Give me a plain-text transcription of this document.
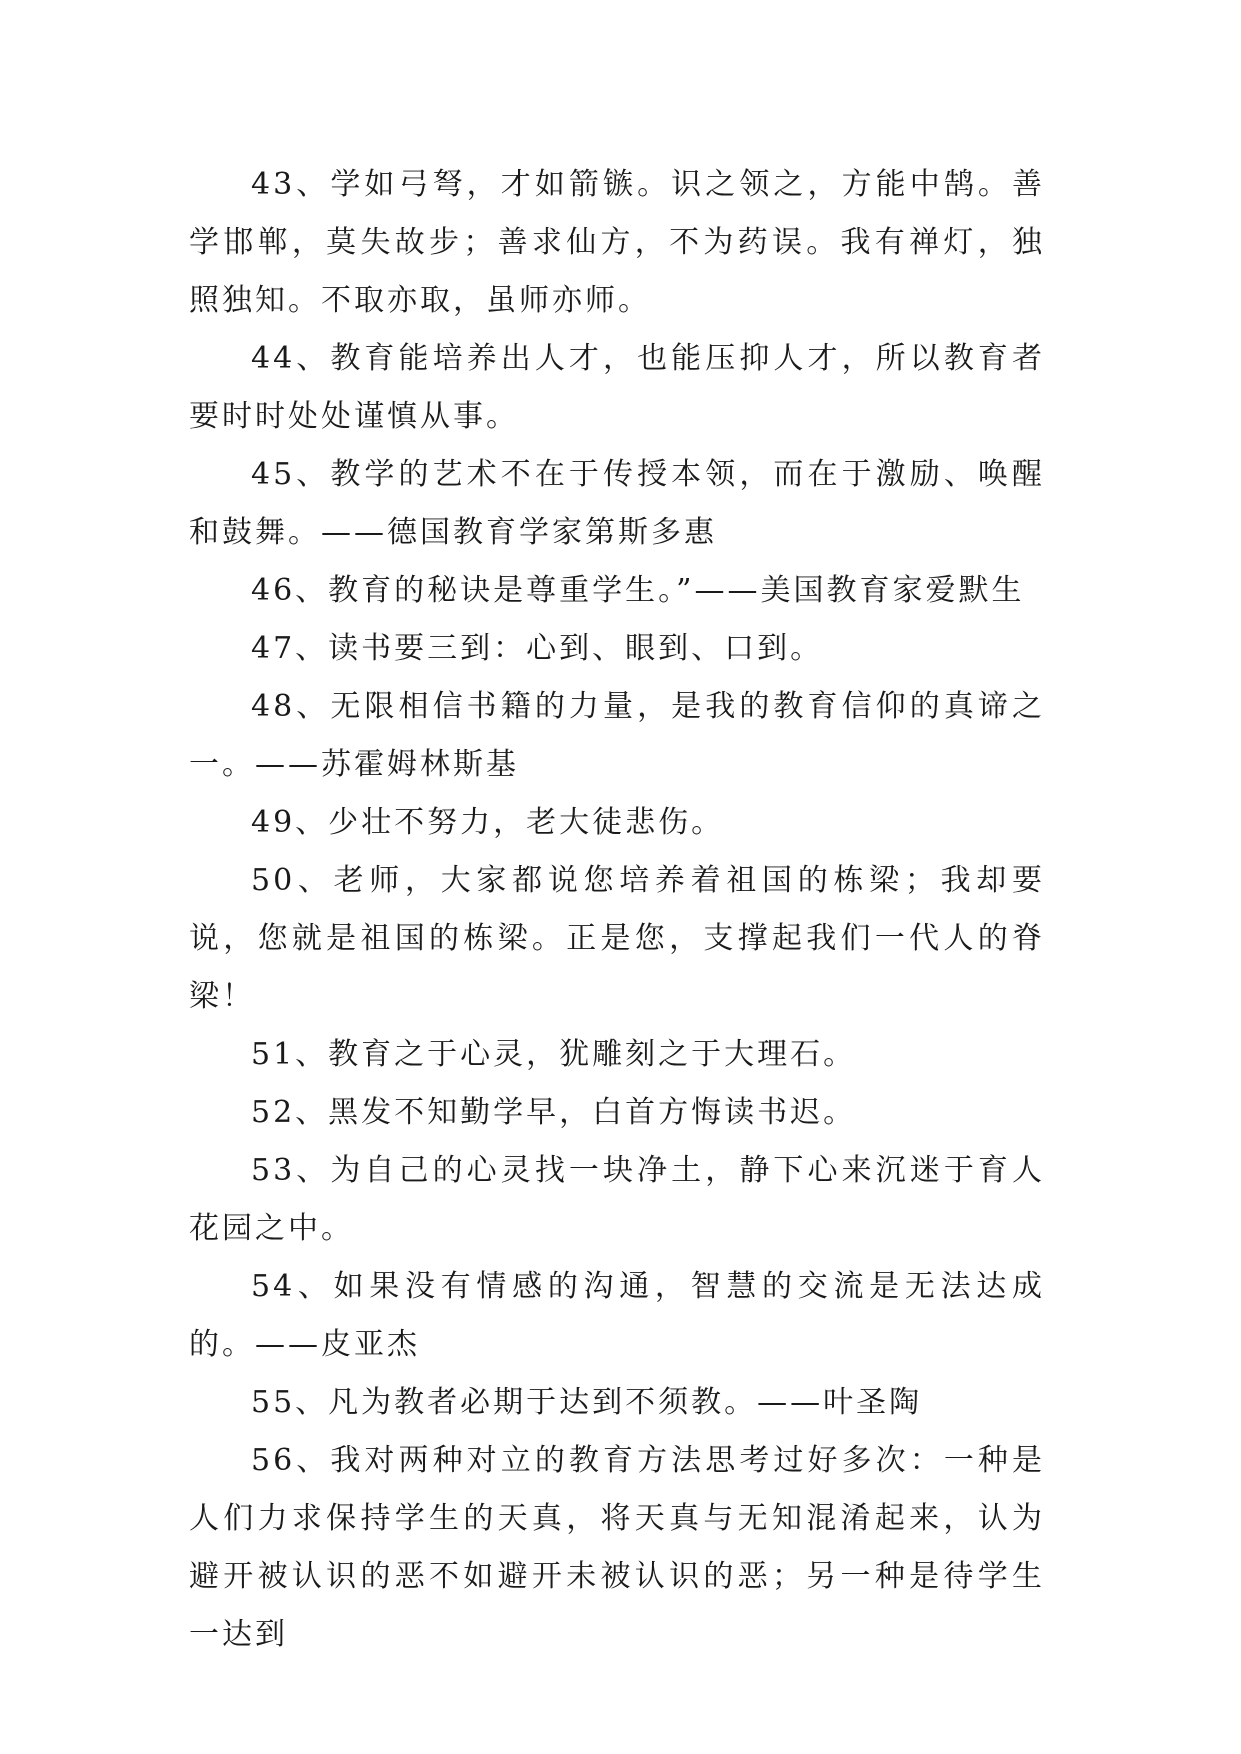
43、学如弓弩，才如箭镞。识之领之，方能中鹄。善学邯郸，莫失故步；善求仙方，不为药误。我有禅灯，独照独知。不取亦取，虽师亦师。

44、教育能培养出人才，也能压抑人才，所以教育者要时时处处谨慎从事。

45、教学的艺术不在于传授本领，而在于激励、唤醒和鼓舞。——德国教育学家第斯多惠

46、教育的秘诀是尊重学生。”——美国教育家爱默生

47、读书要三到：心到、眼到、口到。

48、无限相信书籍的力量，是我的教育信仰的真谛之一。——苏霍姆林斯基

49、少壮不努力，老大徒悲伤。

50、老师，大家都说您培养着祖国的栋梁；我却要说，您就是祖国的栋梁。正是您，支撑起我们一代人的脊梁！

51、教育之于心灵，犹雕刻之于大理石。

52、黑发不知勤学早，白首方悔读书迟。

53、为自己的心灵找一块净土，静下心来沉迷于育人花园之中。

54、如果没有情感的沟通，智慧的交流是无法达成的。——皮亚杰

55、凡为教者必期于达到不须教。——叶圣陶

56、我对两种对立的教育方法思考过好多次：一种是人们力求保持学生的天真，将天真与无知混淆起来，认为避开被认识的恶不如避开未被认识的恶；另一种是待学生一达到
